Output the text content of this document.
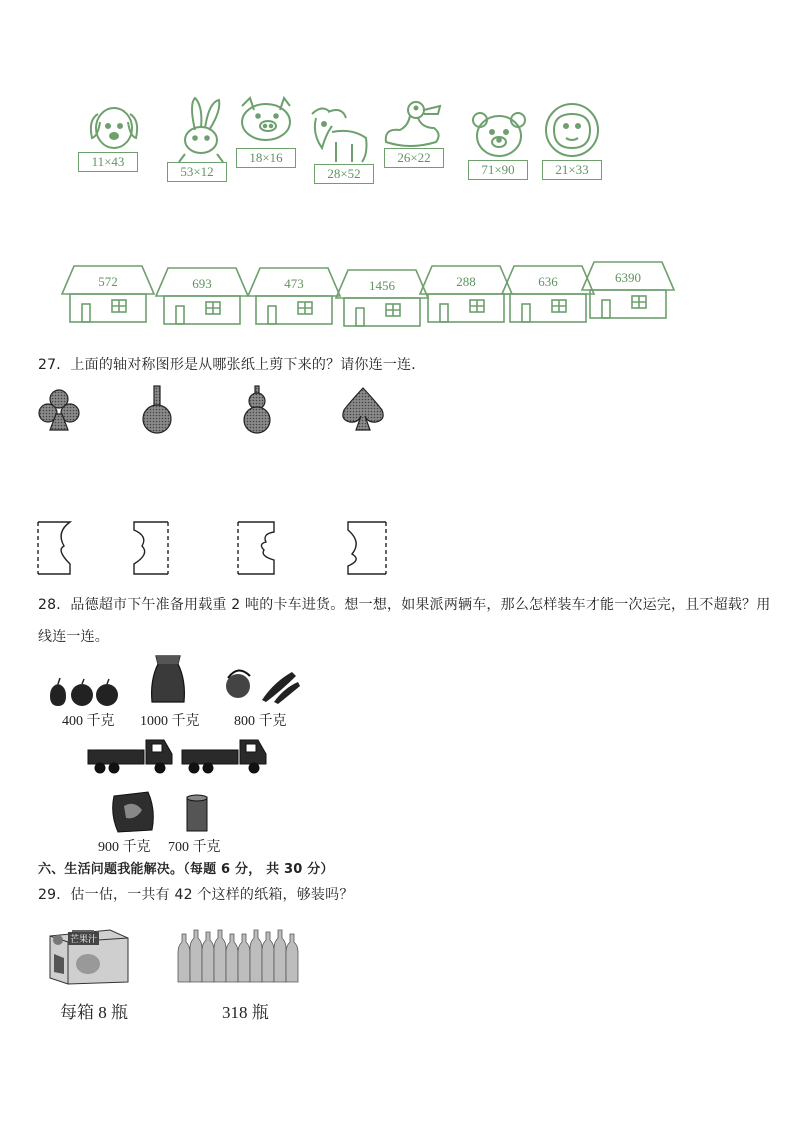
11×43
53×12
18×16
28×52
26×22
71×90	21×33
572	693	473	1456	288	636	6390
27．上面的轴对称图形是从哪张纸上剪下来的？请你连一连．
28．品德超市下午准备用载重 2 吨的卡车进货。想一想，如果派两辆车，那么怎样装车才能一次运完，且不超载？用
线连一连。
400 千克 1000 千克 800 千克
900 千克 700 千克
六、生活问题我能解决。（每题 6 分， 共 30 分）
29．估一估，一共有 42 个这样的纸箱，够装吗？
芒果汁
每箱 8 瓶	318 瓶
